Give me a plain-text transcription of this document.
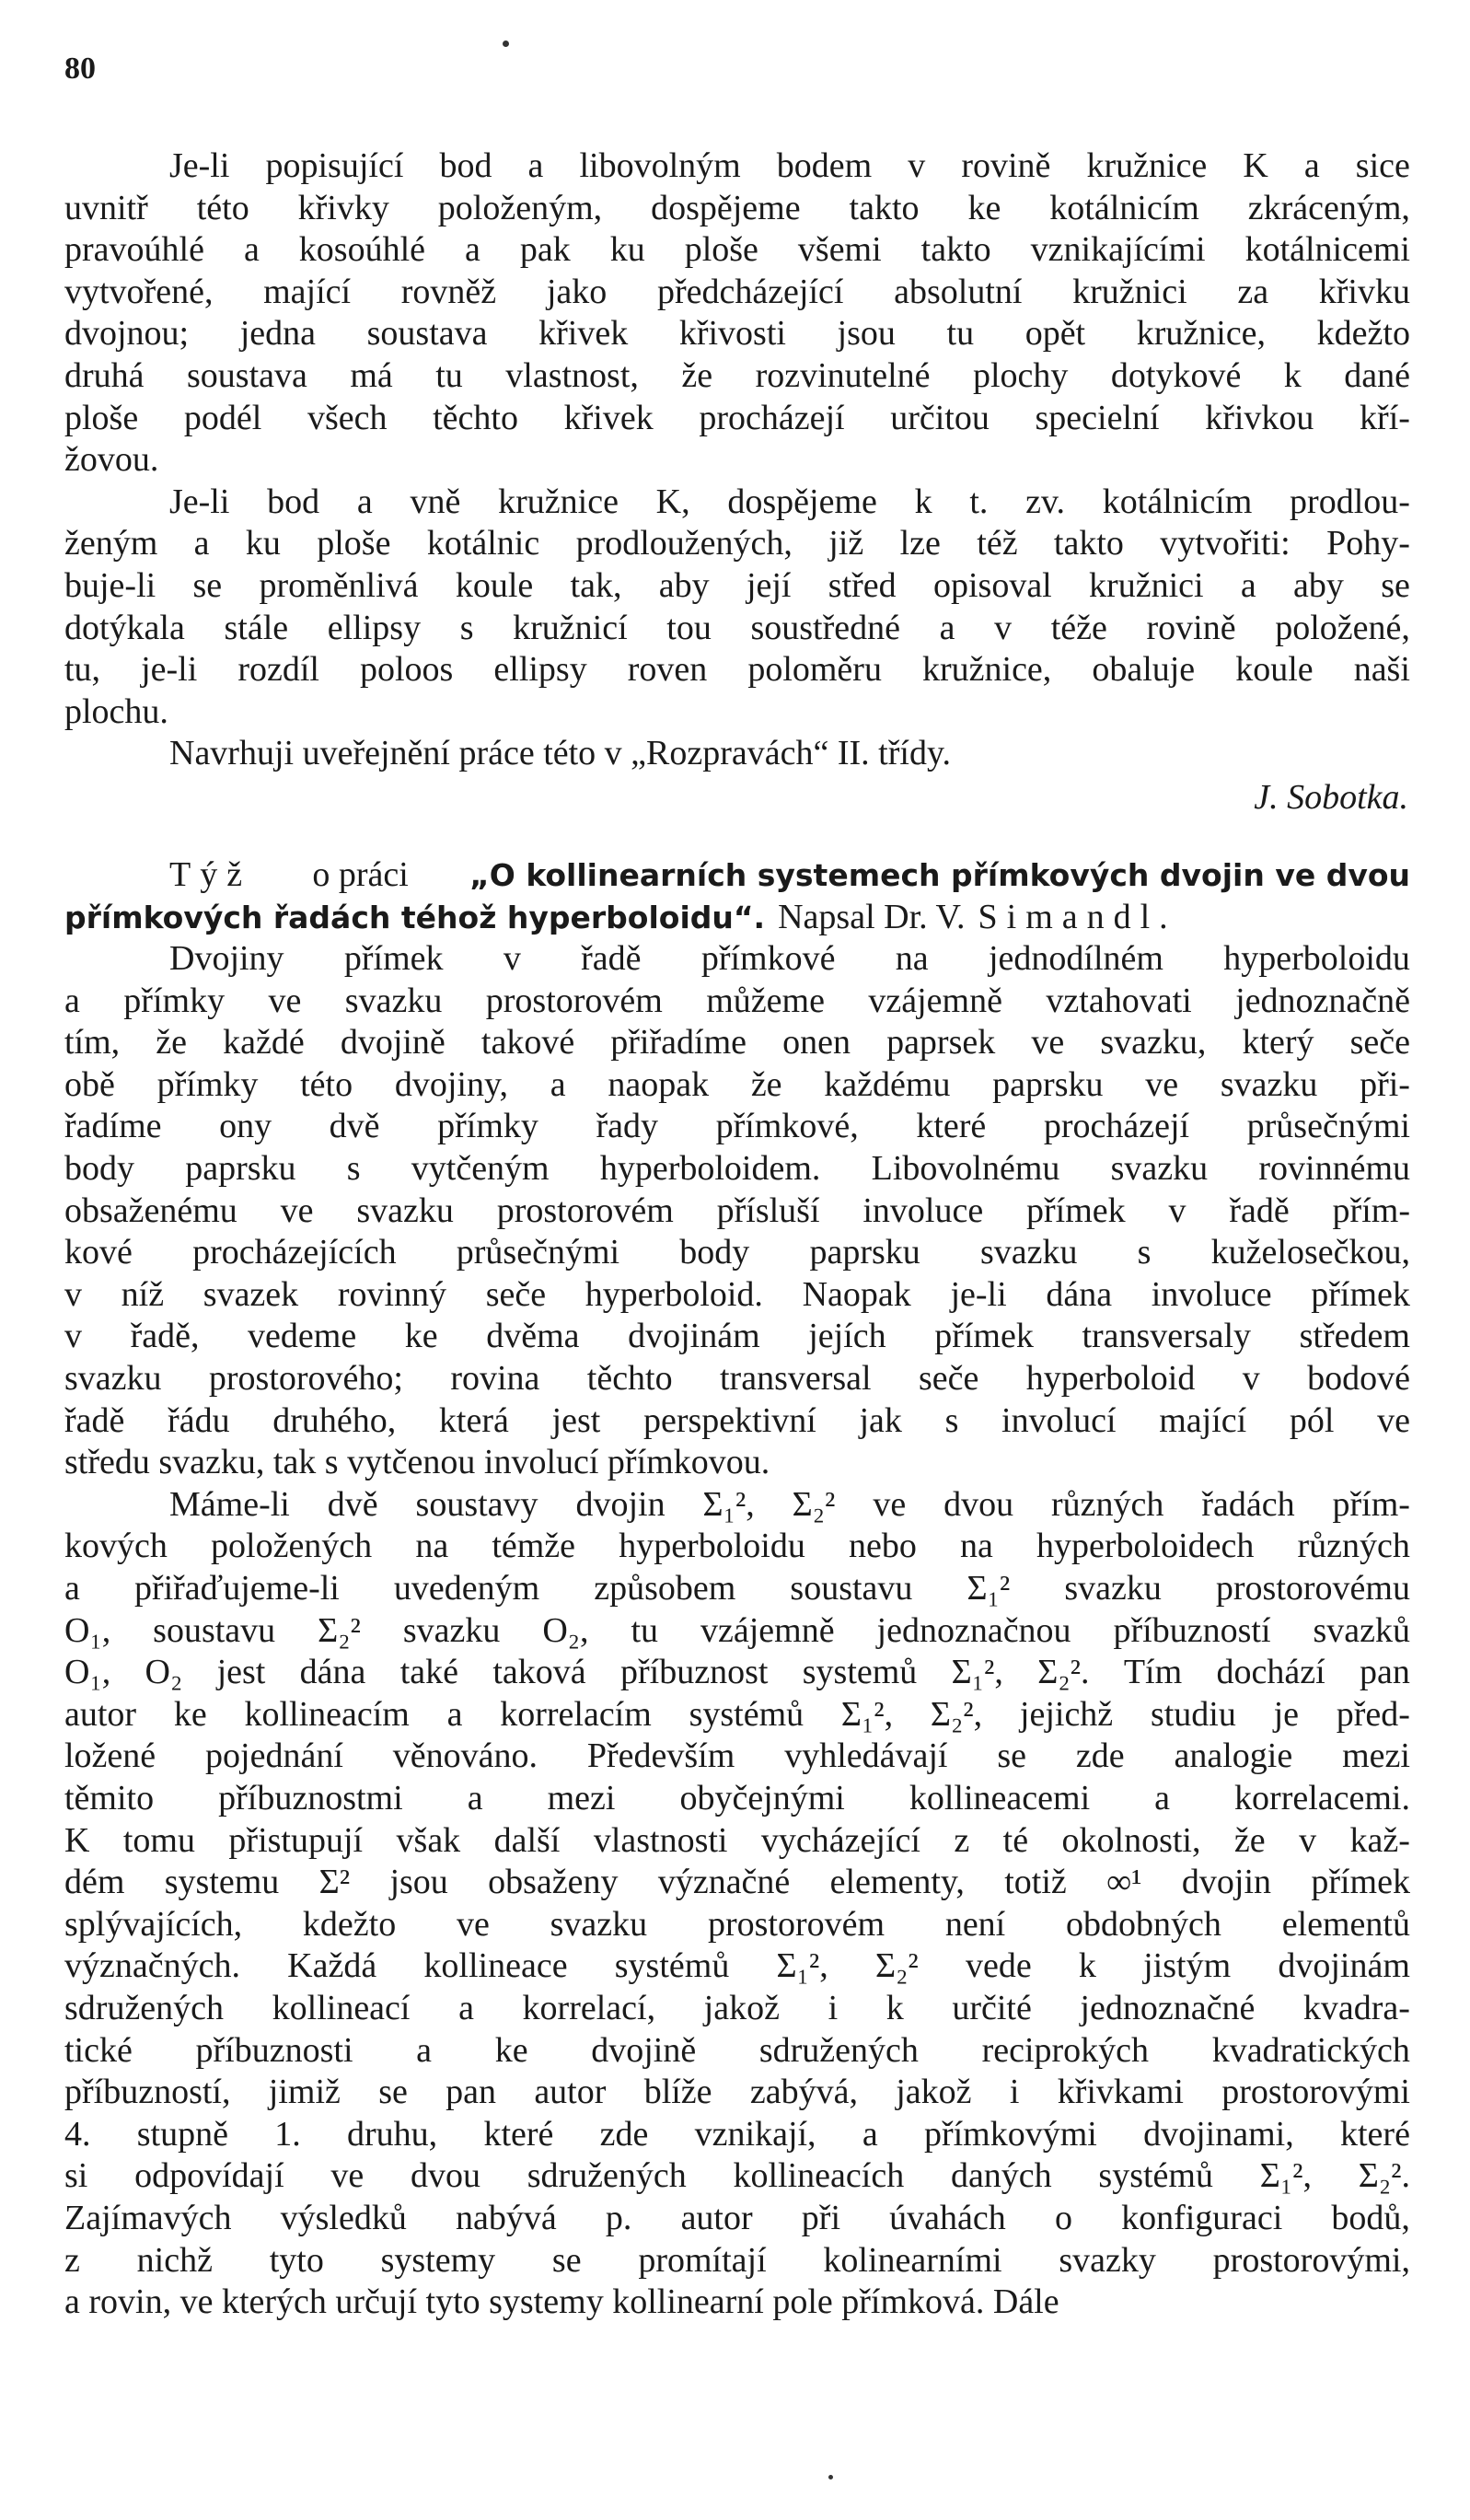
80
Je-li popisující bod a libovolným bodem v rovině kružnice K a sice
uvnitř této křivky položeným, dospějeme takto ke kotálnicím zkráceným,
pravoúhlé a kosoúhlé a pak ku ploše všemi takto vznikajícími kotálnicemi
vytvořené, mající rovněž jako předcházející absolutní kružnici za křivku
dvojnou; jedna soustava křivek křivosti jsou tu opět kružnice, kdežto
druhá soustava má tu vlastnost, že rozvinutelné plochy dotykové k dané
ploše podél všech těchto křivek procházejí určitou specielní křivkou kří-
žovou.
Je-li bod a vně kružnice K, dospějeme k t. zv. kotálnicím prodlou-
ženým a ku ploše kotálnic prodloužených, již lze též takto vytvořiti: Pohy-
buje-li se proměnlivá koule tak, aby její střed opisoval kružnici a aby se
dotýkala stále ellipsy s kružnicí tou soustředné a v téže rovině položené,
tu, je-li rozdíl poloos ellipsy roven poloměru kružnice, obaluje koule naši
plochu.
Navrhuji uveřejnění práce této v „Rozpravách“ II. třídy.
J. Sobotka.
Týž o práci „O kollinearních systemech přímkových dvojin ve dvou
přímkových řadách téhož hyperboloidu“. Napsal Dr. V. Simandl.
Dvojiny přímek v řadě přímkové na jednodílném hyperboloidu
a přímky ve svazku prostorovém můžeme vzájemně vztahovati jednoznačně
tím, že každé dvojině takové přiřadíme onen paprsek ve svazku, který seče
obě přímky této dvojiny, a naopak že každému paprsku ve svazku při-
řadíme ony dvě přímky řady přímkové, které procházejí průsečnými
body paprsku s vytčeným hyperboloidem. Libovolnému svazku rovinnému
obsaženému ve svazku prostorovém přísluší involuce přímek v řadě přím-
kové procházejících průsečnými body paprsku svazku s kuželosečkou,
v níž svazek rovinný seče hyperboloid. Naopak je-li dána involuce přímek
v řadě, vedeme ke dvěma dvojinám jejích přímek transversaly středem
svazku prostorového; rovina těchto transversal seče hyperboloid v bodové
řadě řádu druhého, která jest perspektivní jak s involucí mající pól ve
středu svazku, tak s vytčenou involucí přímkovou.
Máme-li dvě soustavy dvojin Σ₁², Σ₂² ve dvou různých řadách přím-
kových položených na témže hyperboloidu nebo na hyperboloidech různých
a přiřaďujeme-li uvedeným způsobem soustavu Σ₁² svazku prostorovému
O₁, soustavu Σ₂² svazku O₂, tu vzájemně jednoznačnou příbuzností svazků
O₁, O₂ jest dána také taková příbuznost systemů Σ₁², Σ₂². Tím dochází pan
autor ke kollineacím a korrelacím systémů Σ₁², Σ₂², jejichž studiu je před-
ložené pojednání věnováno. Především vyhledávají se zde analogie mezi
těmito příbuznostmi a mezi obyčejnými kollineacemi a korrelacemi.
K tomu přistupují však další vlastnosti vycházející z té okolnosti, že v kaž-
dém systemu Σ² jsou obsaženy význačné elementy, totiž ∞¹ dvojin přímek
splývajících, kdežto ve svazku prostorovém není obdobných elementů
význačných. Každá kollineace systémů Σ₁², Σ₂² vede k jistým dvojinám
sdružených kollineací a korrelací, jakož i k určité jednoznačné kvadra-
tické příbuznosti a ke dvojině sdružených reciprokých kvadratických
příbuzností, jimiž se pan autor blíže zabývá, jakož i křivkami prostorovými
4. stupně 1. druhu, které zde vznikají, a přímkovými dvojinami, které
si odpovídají ve dvou sdružených kollineacích daných systémů Σ₁², Σ₂².
Zajímavých výsledků nabývá p. autor při úvahách o konfiguraci bodů,
z nichž tyto systemy se promítají kolinearními svazky prostorovými,
a rovin, ve kterých určují tyto systemy kollinearní pole přímková. Dále
